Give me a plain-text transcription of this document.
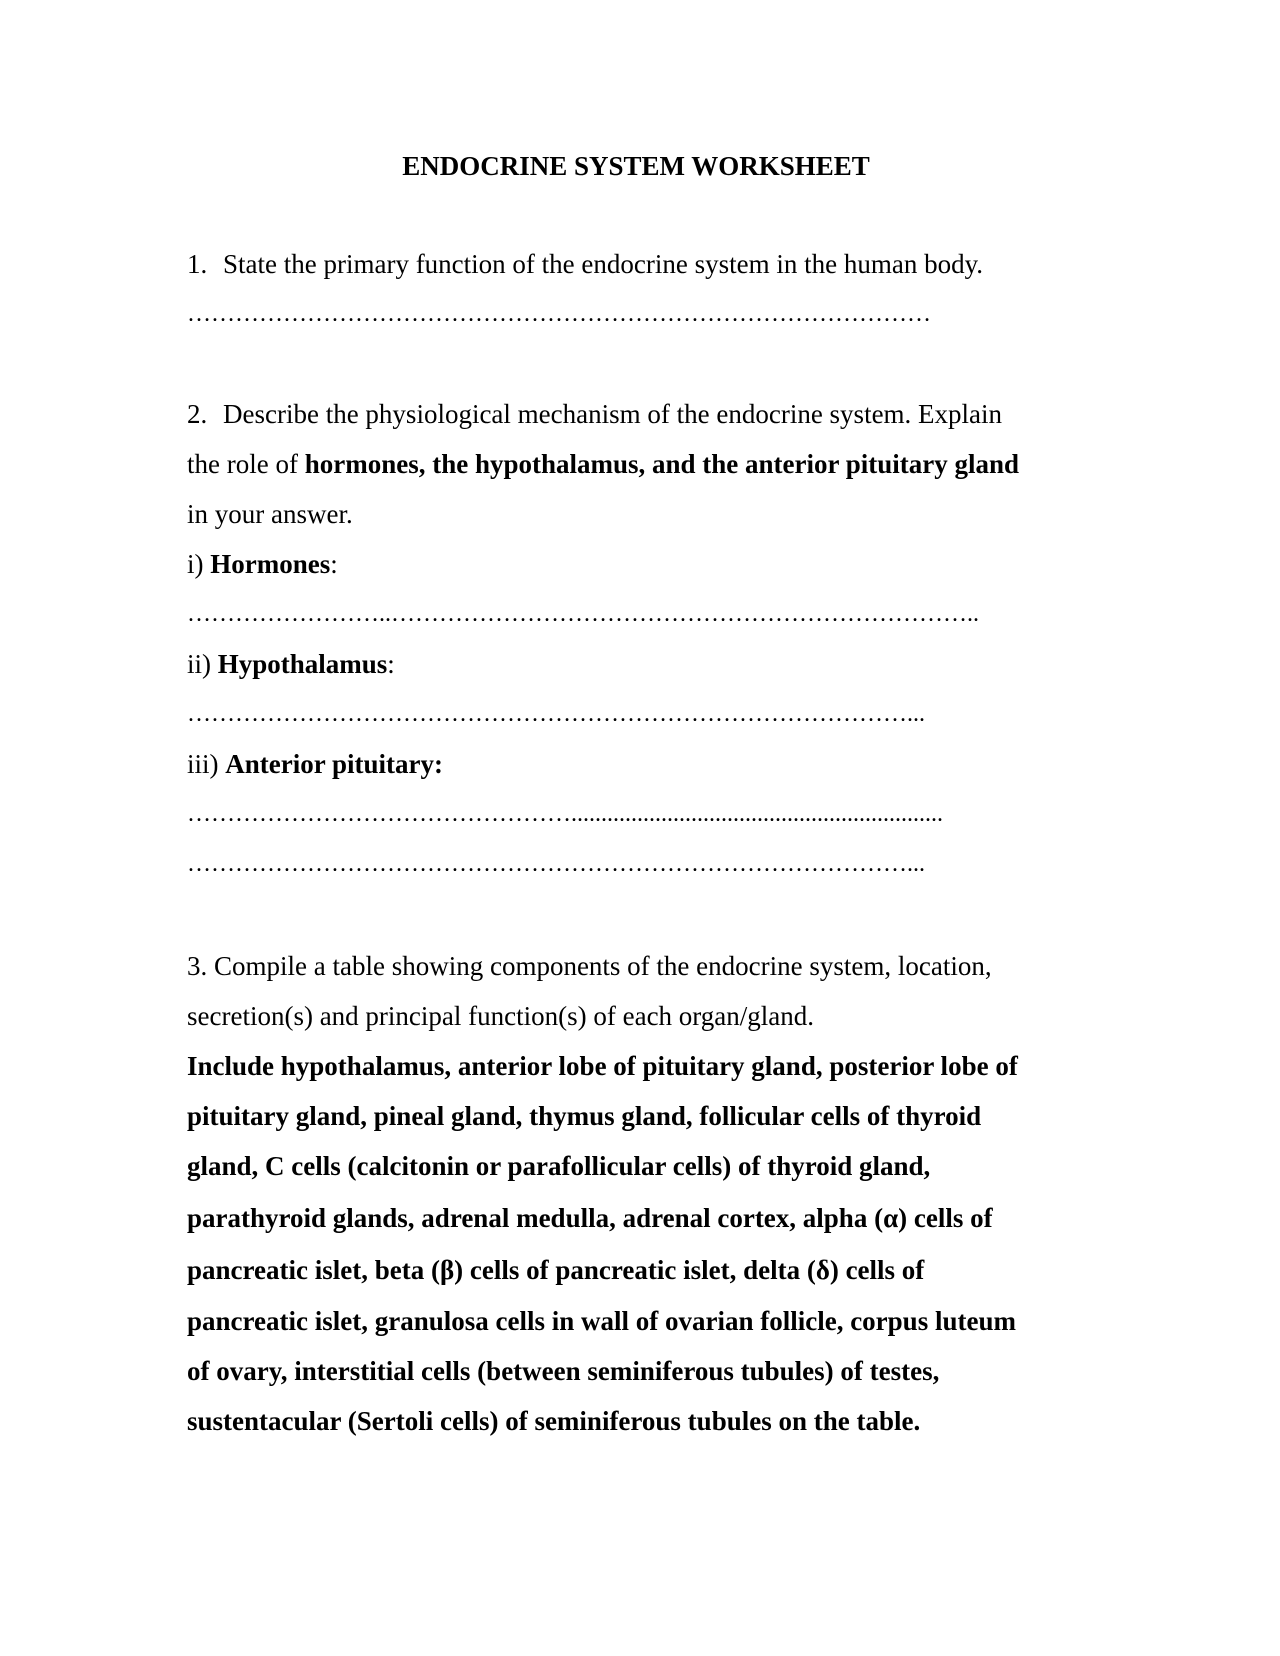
ENDOCRINE SYSTEM WORKSHEET
1. State the primary function of the endocrine system in the human body.
…………………………………………………………………………………
2. Describe the physiological mechanism of the endocrine system. Explain
the role of hormones, the hypothalamus, and the anterior pituitary gland
in your answer.
i) Hormones:
……………………..………………………………………………………………..
ii) Hypothalamus:
………………………………………………………………………………...
iii) Anterior pituitary:
…………………………………………..............................................................
………………………………………………………………………………...
3. Compile a table showing components of the endocrine system, location,
secretion(s) and principal function(s) of each organ/gland.
Include hypothalamus, anterior lobe of pituitary gland, posterior lobe of
pituitary gland, pineal gland, thymus gland, follicular cells of thyroid
gland, C cells (calcitonin or parafollicular cells) of thyroid gland,
parathyroid glands, adrenal medulla, adrenal cortex, alpha (α) cells of
pancreatic islet, beta (β) cells of pancreatic islet, delta (δ) cells of
pancreatic islet, granulosa cells in wall of ovarian follicle, corpus luteum
of ovary, interstitial cells (between seminiferous tubules) of testes,
sustentacular (Sertoli cells) of seminiferous tubules on the table.
